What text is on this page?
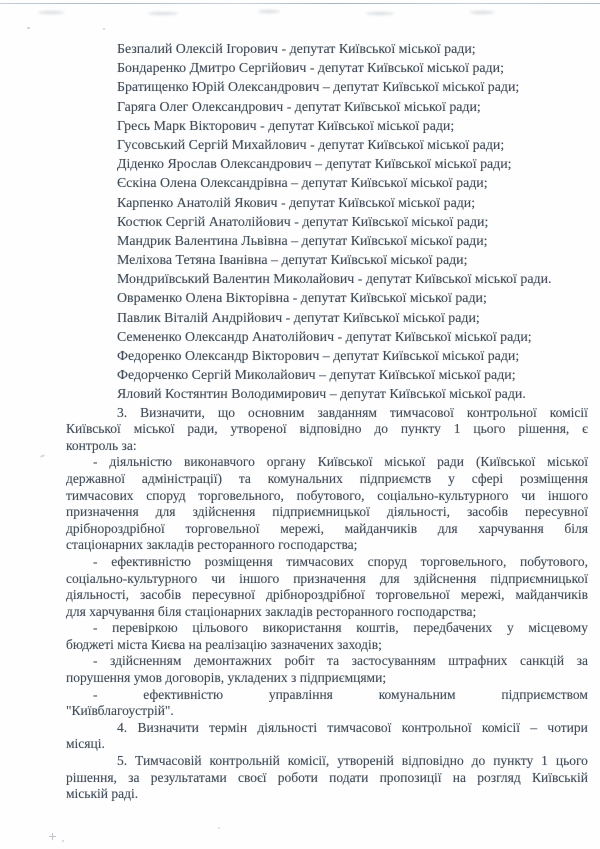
Безпалий Олексій Ігорович - депутат Київської міської ради;
Бондаренко Дмитро Сергійович - депутат Київської міської ради;
Братищенко Юрій Олександрович – депутат Київської міської ради;
Гаряга Олег Олександрович - депутат Київської міської ради;
Гресь Марк Вікторович - депутат Київської міської ради;
Гусовський Сергій Михайлович - депутат Київської міської ради;
Діденко Ярослав Олександрович – депутат Київської міської ради;
Єскіна Олена Олександрівна – депутат Київської міської ради;
Карпенко Анатолій Якович - депутат Київської міської ради;
Костюк Сергій Анатолійович - депутат Київської міської ради;
Мандрик Валентина Львівна – депутат Київської міської ради;
Меліхова Тетяна Іванівна – депутат Київської міської ради;
Мондриївський Валентин Миколайович - депутат Київської міської ради.
Овраменко Олена Вікторівна - депутат Київської міської ради;
Павлик Віталій Андрійович - депутат Київської міської ради;
Семененко Олександр Анатолійович - депутат Київської міської ради;
Федоренко Олександр Вікторович – депутат Київської міської ради;
Федорченко Сергій Миколайович – депутат Київської міської ради;
Яловий Костянтин Володимирович – депутат Київської міської ради.
3. Визначити, що основним завданням тимчасової контрольної комісії
Київської міської ради, утвореної відповідно до пункту 1 цього рішення, є
контроль за:
- діяльністю виконавчого органу Київської міської ради (Київської міської
державної адміністрації) та комунальних підприємств у сфері розміщення
тимчасових споруд торговельного, побутового, соціально-культурного чи іншого
призначення для здійснення підприємницької діяльності, засобів пересувної
дрібнороздрібної торговельної мережі, майданчиків для харчування біля
стаціонарних закладів ресторанного господарства;
- ефективністю розміщення тимчасових споруд торговельного, побутового,
соціально-культурного чи іншого призначення для здійснення підприємницької
діяльності, засобів пересувної дрібнороздрібної торговельної мережі, майданчиків
для харчування біля стаціонарних закладів ресторанного господарства;
- перевіркою цільового використання коштів, передбачених у місцевому
бюджеті міста Києва на реалізацію зазначених заходів;
- здійсненням демонтажних робіт та застосуванням штрафних санкцій за
порушення умов договорів, укладених з підприємцями;
-	ефективністю	управління	комунальним	підприємством
"Київблагоустрій".
4. Визначити термін діяльності тимчасової контрольної комісії – чотири
місяці.
5. Тимчасовій контрольній комісії, утвореній відповідно до пункту 1 цього
рішення, за результатами своєї роботи подати пропозиції на розгляд Київській
міській раді.
